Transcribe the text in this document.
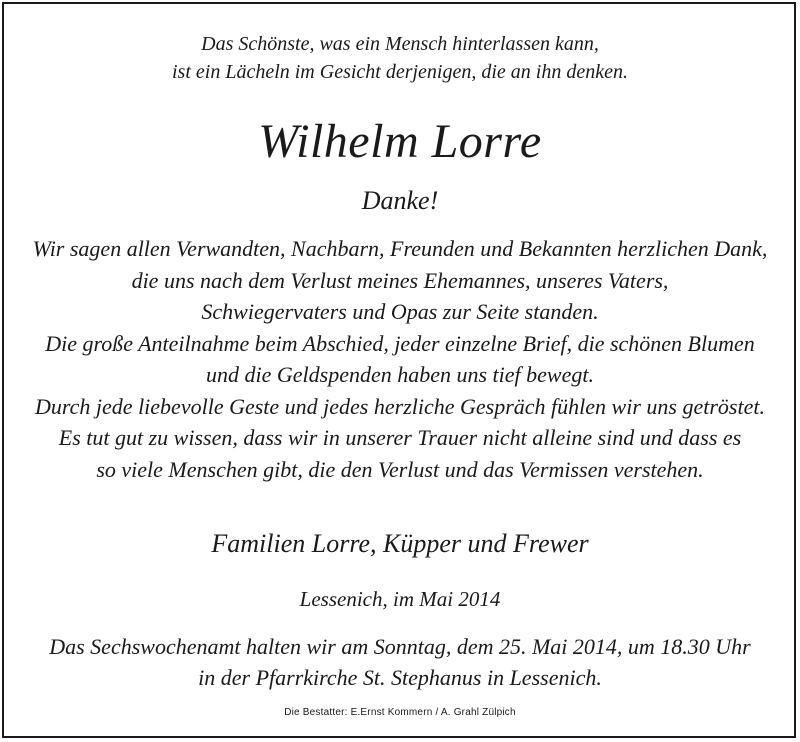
Das Schönste, was ein Mensch hinterlassen kann,
ist ein Lächeln im Gesicht derjenigen, die an ihn denken.
Wilhelm Lorre
Danke!
Wir sagen allen Verwandten, Nachbarn, Freunden und Bekannten herzlichen Dank,
die uns nach dem Verlust meines Ehemannes, unseres Vaters,
Schwiegervaters und Opas zur Seite standen.
Die große Anteilnahme beim Abschied, jeder einzelne Brief, die schönen Blumen
und die Geldspenden haben uns tief bewegt.
Durch jede liebevolle Geste und jedes herzliche Gespräch fühlen wir uns getröstet.
Es tut gut zu wissen, dass wir in unserer Trauer nicht alleine sind und dass es
so viele Menschen gibt, die den Verlust und das Vermissen verstehen.
Familien Lorre, Küpper und Frewer
Lessenich, im Mai 2014
Das Sechswochenamt halten wir am Sonntag, dem 25. Mai 2014, um 18.30 Uhr
in der Pfarrkirche St. Stephanus in Lessenich.
Die Bestatter: E.Ernst Kommern / A. Grahl Zülpich
